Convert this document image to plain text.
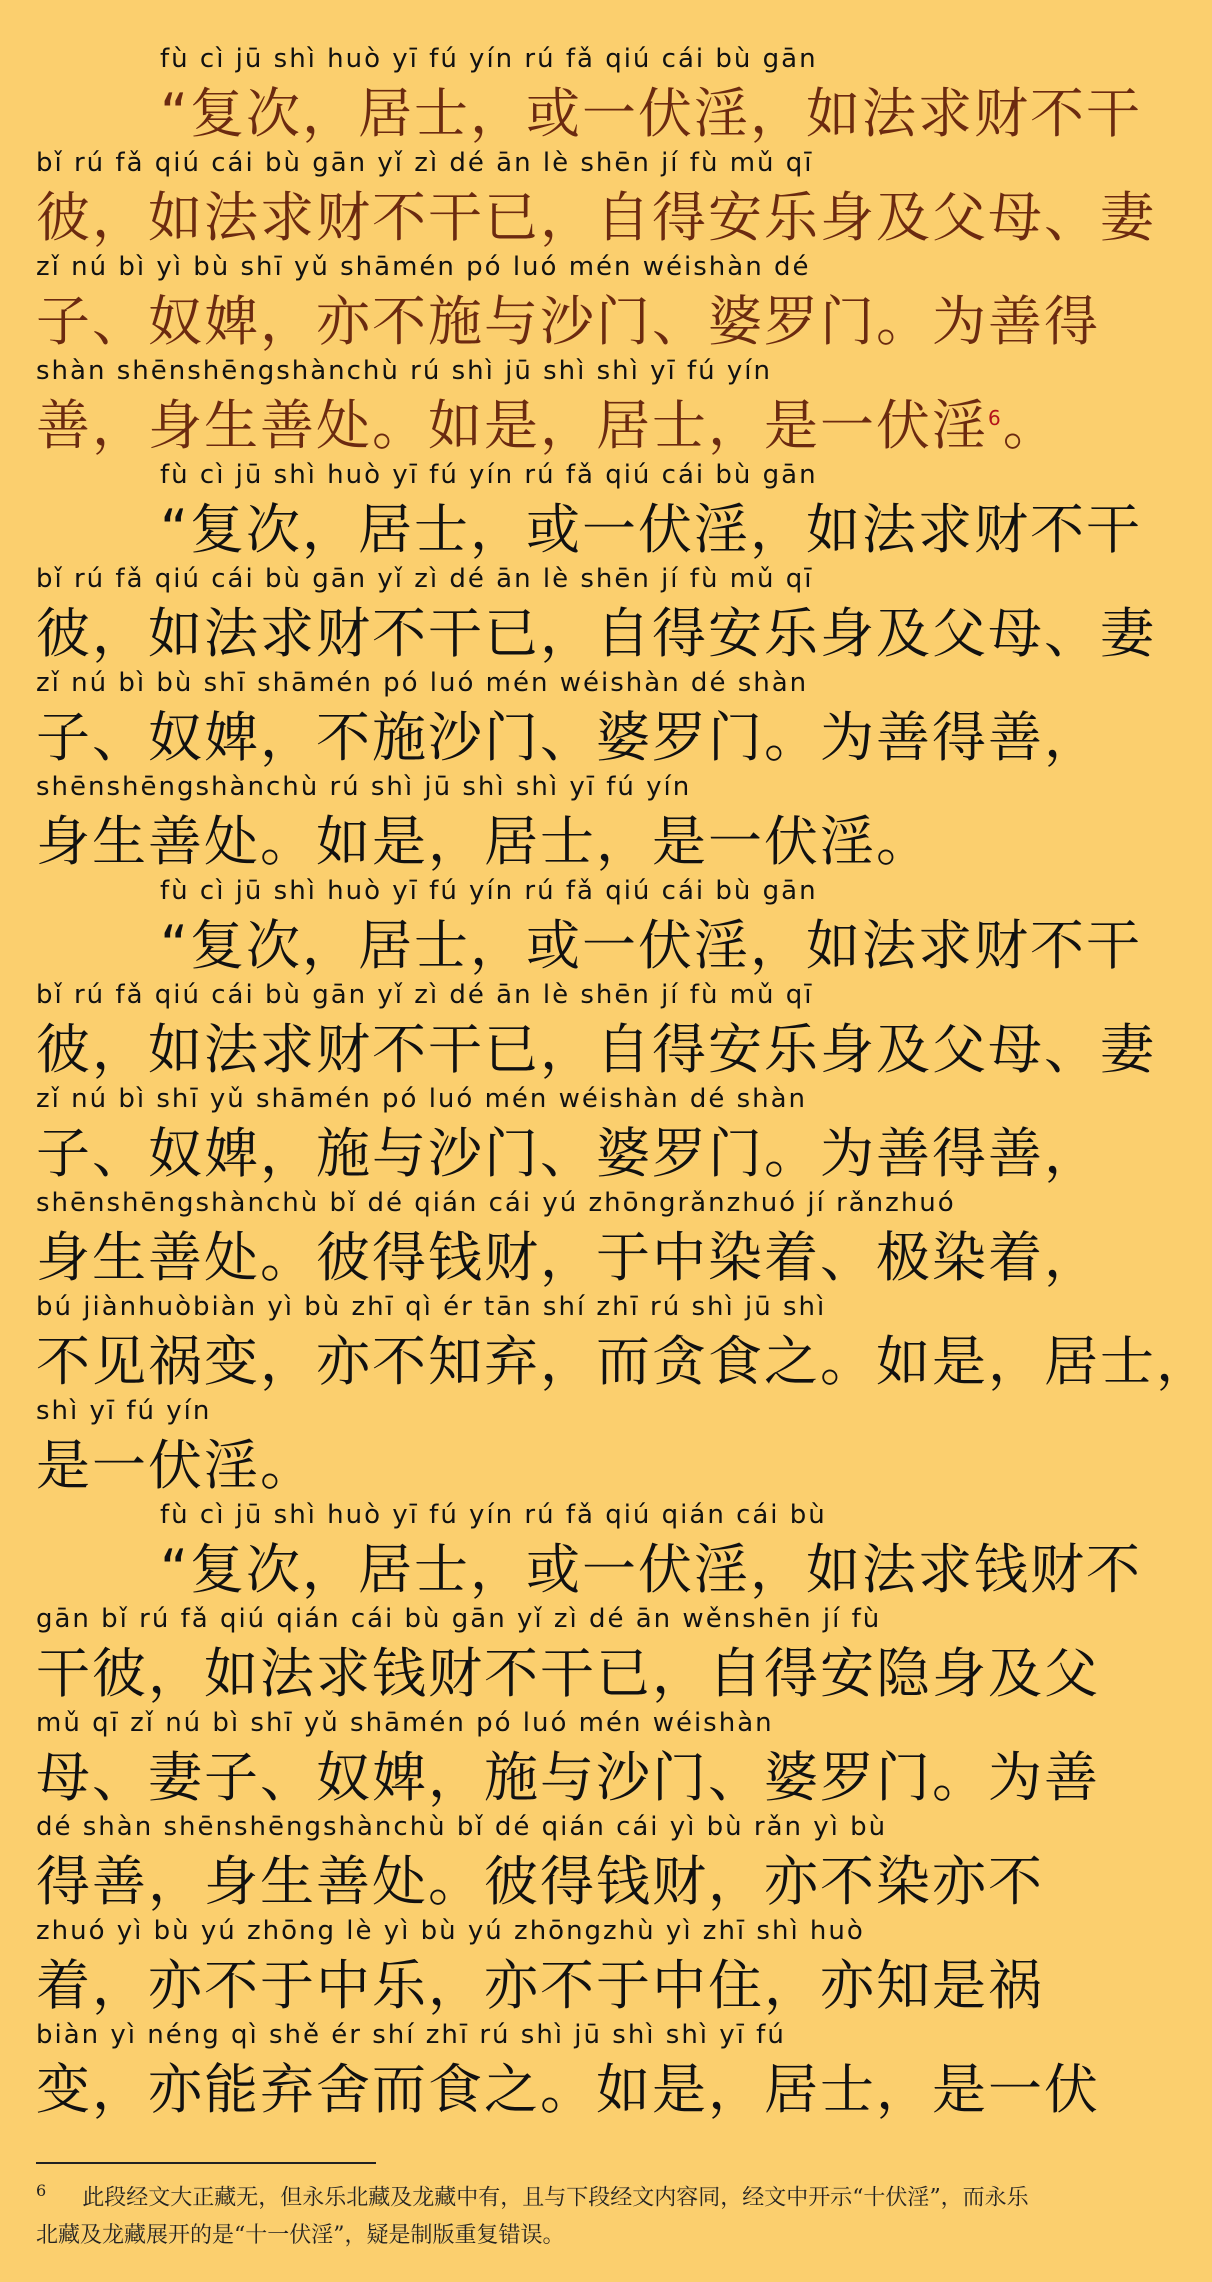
fù cì jū shì huò yī fú yín rú fǎ qiú cái bù gān
“复次，居士，或一伏淫，如法求财不干
bǐ rú fǎ qiú cái bù gān yǐ zì dé ān lè shēn jí fù mǔ qī
彼，如法求财不干已，自得安乐身及父母、妻
zǐ nú bì yì bù shī yǔ shāmén pó luó mén wéishàn dé
子、奴婢，亦不施与沙门、婆罗门。为善得
shàn shēnshēngshànchù rú shì jū shì shì yī fú yín
善，身生善处。如是，居士，是一伏淫$^6$。
fù cì jū shì huò yī fú yín rú fǎ qiú cái bù gān
“复次，居士，或一伏淫，如法求财不干
bǐ rú fǎ qiú cái bù gān yǐ zì dé ān lè shēn jí fù mǔ qī
彼，如法求财不干已，自得安乐身及父母、妻
zǐ nú bì bù shī shāmén pó luó mén wéishàn dé shàn
子、奴婢，不施沙门、婆罗门。为善得善，
shēnshēngshànchù rú shì jū shì shì yī fú yín
身生善处。如是，居士，是一伏淫。
fù cì jū shì huò yī fú yín rú fǎ qiú cái bù gān
“复次，居士，或一伏淫，如法求财不干
bǐ rú fǎ qiú cái bù gān yǐ zì dé ān lè shēn jí fù mǔ qī
彼，如法求财不干已，自得安乐身及父母、妻
zǐ nú bì shī yǔ shāmén pó luó mén wéishàn dé shàn
子、奴婢，施与沙门、婆罗门。为善得善，
shēnshēngshànchù bǐ dé qián cái yú zhōngrǎnzhuó jí rǎnzhuó
身生善处。彼得钱财，于中染着、极染着，
bú jiànhuòbiàn yì bù zhī qì ér tān shí zhī rú shì jū shì
不见祸变，亦不知弃，而贪食之。如是，居士，
shì yī fú yín
是一伏淫。
fù cì jū shì huò yī fú yín rú fǎ qiú qián cái bù
“复次，居士，或一伏淫，如法求钱财不
gān bǐ rú fǎ qiú qián cái bù gān yǐ zì dé ān wěnshēn jí fù
干彼，如法求钱财不干已，自得安隐身及父
mǔ qī zǐ nú bì shī yǔ shāmén pó luó mén wéishàn
母、妻子、奴婢，施与沙门、婆罗门。为善
dé shàn shēnshēngshànchù bǐ dé qián cái yì bù rǎn yì bù
得善，身生善处。彼得钱财，亦不染亦不
zhuó yì bù yú zhōng lè yì bù yú zhōngzhù yì zhī shì huò
着，亦不于中乐，亦不于中住，亦知是祸
biàn yì néng qì shě ér shí zhī rú shì jū shì shì yī fú
变，亦能弃舍而食之。如是，居士，是一伏
$^6$ 此段经文大正藏无，但永乐北藏及龙藏中有，且与下段经文内容同，经文中开示“十伏淫”，而永乐北藏及龙藏展开的是“十一伏淫”，疑是制版重复错误。
